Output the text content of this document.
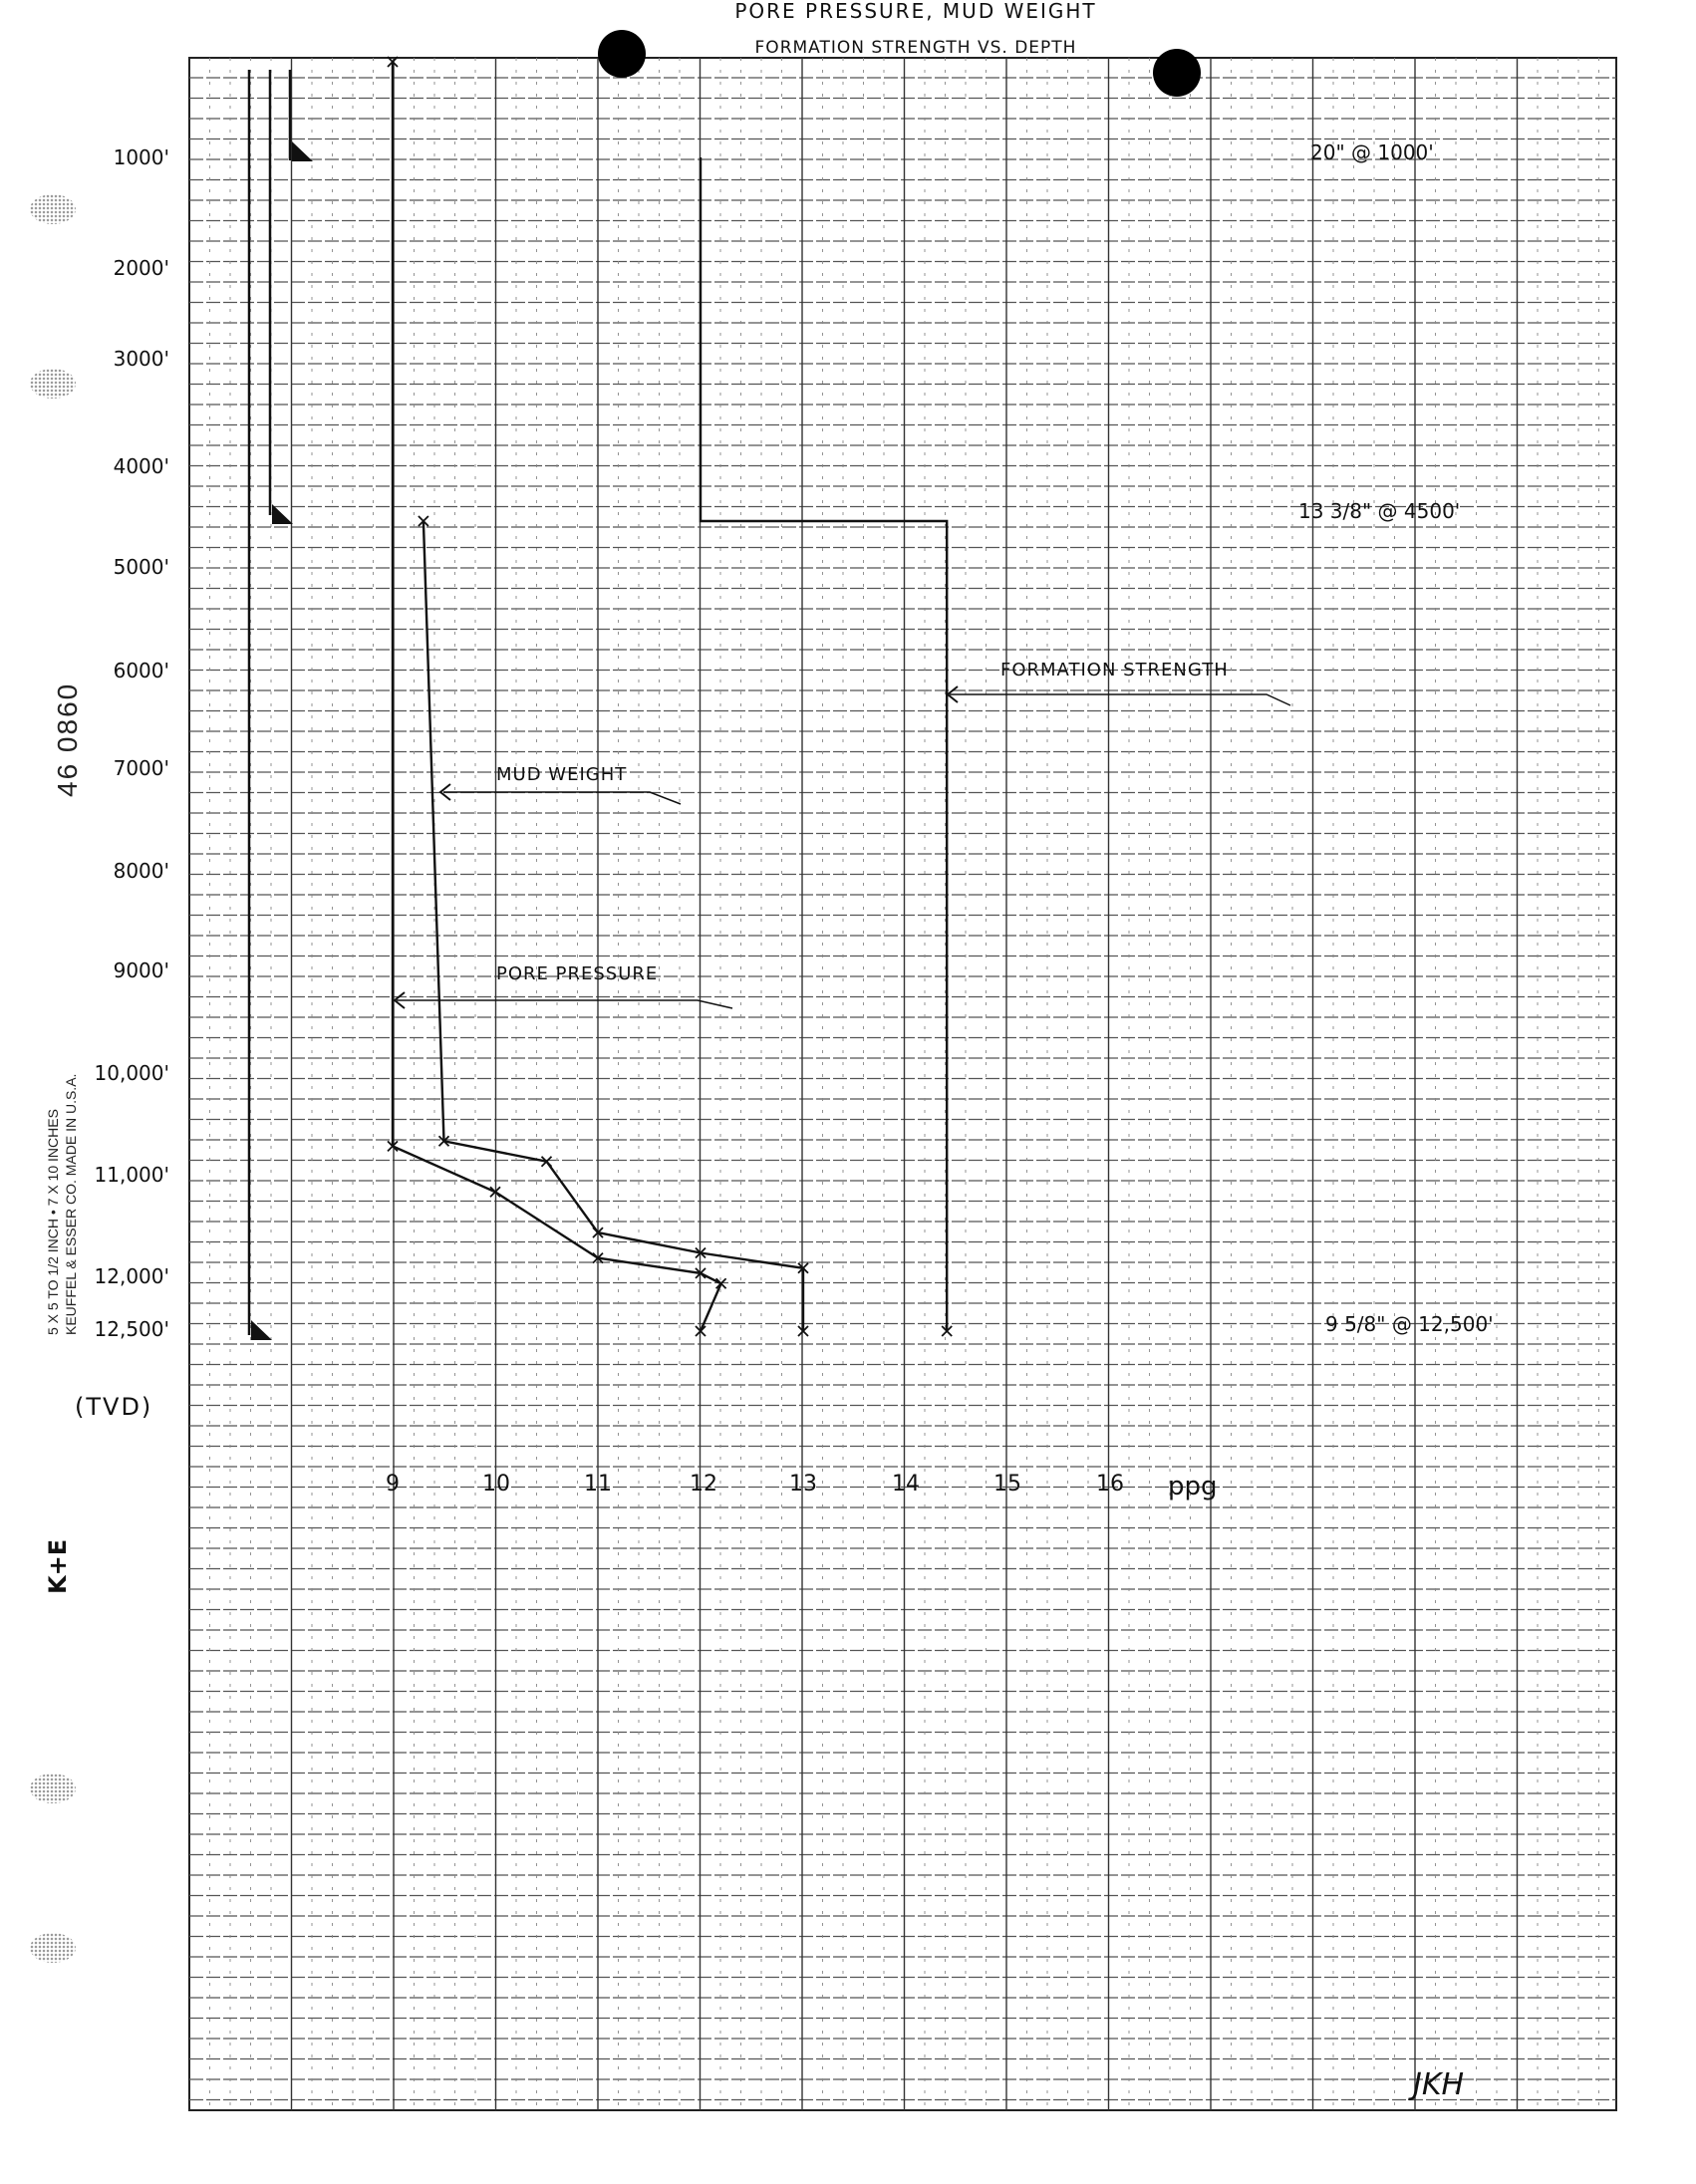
PORE PRESSURE, MUD WEIGHT
FORMATION STRENGTH VS. DEPTH
1000'
2000'
3000'
4000'
5000'
6000'
7000'
8000'
9000'
10,000'
11,000'
12,000'
12,500'
(TVD)
9	10	11	12	13	14	15	16 ppg
20" @ 1000'
13 3/8" @ 4500'
9 5/8" @ 12,500'
MUD WEIGHT
PORE PRESSURE
FORMATION STRENGTH
JKH
46 0860
5 X 5 TO 1/2 INCH • 7 X 10 INCHES KEUFFEL & ESSER CO. MADE IN U.S.A.
K+E
